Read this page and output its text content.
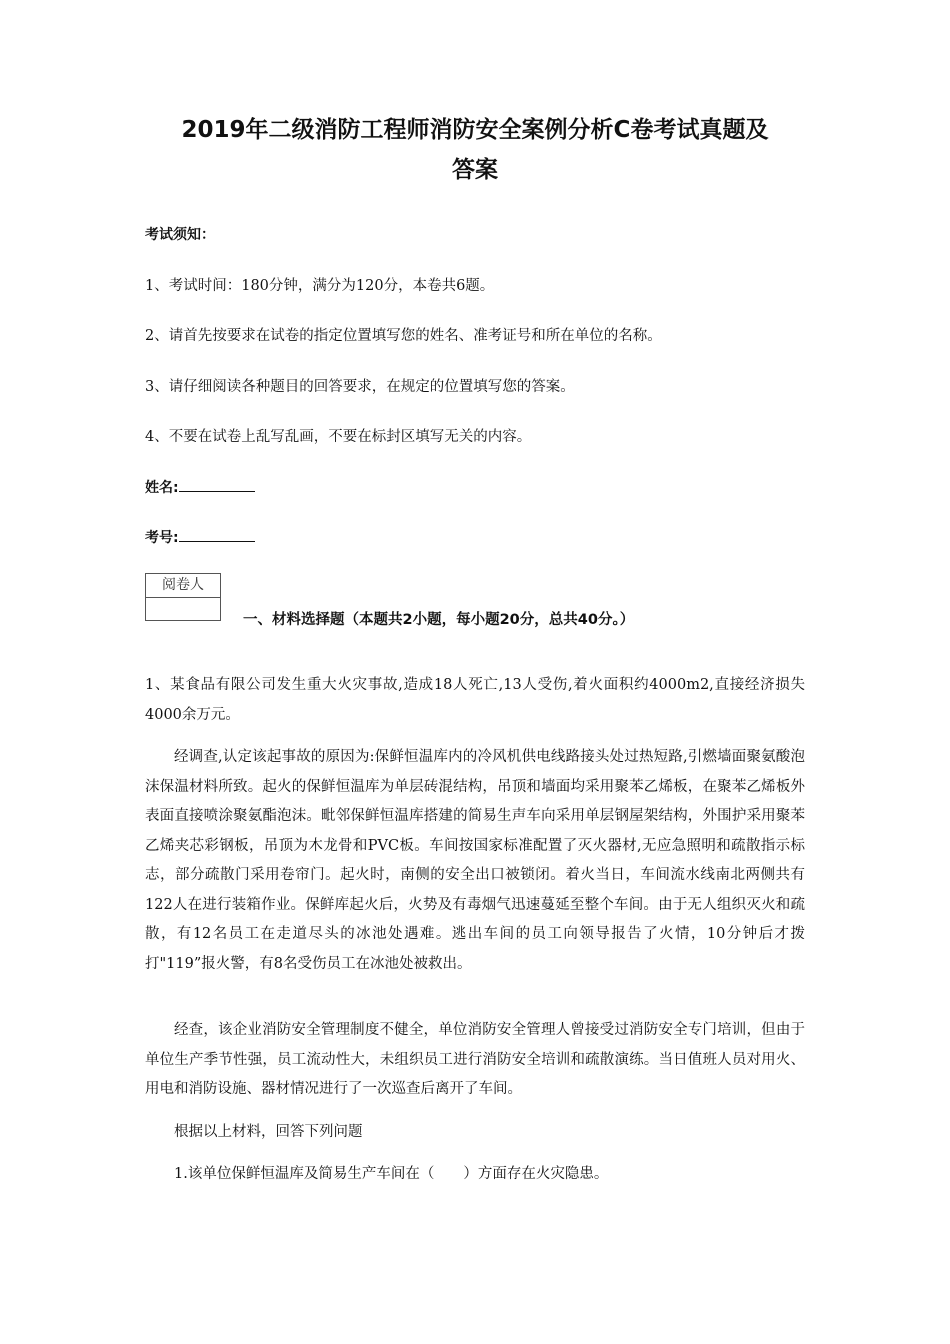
2019年二级消防工程师消防安全案例分析C卷考试真题及
答案
考试须知：
1、考试时间：180分钟，满分为120分，本卷共6题。
2、请首先按要求在试卷的指定位置填写您的姓名、准考证号和所在单位的名称。
3、请仔细阅读各种题目的回答要求，在规定的位置填写您的答案。
4、不要在试卷上乱写乱画，不要在标封区填写无关的内容。
姓名:
考号:
阅卷人
一、材料选择题（本题共2小题，每小题20分，总共40分。）
1、某食品有限公司发生重大火灾事故,造成18人死亡,13人受伤,着火面积约4000m2,直接经济损失4000余万元。
经调查,认定该起事故的原因为:保鲜恒温库内的冷风机供电线路接头处过热短路,引燃墙面聚氨酸泡沫保温材料所致。起火的保鲜恒温库为单层砖混结构，吊顶和墙面均采用聚苯乙烯板，在聚苯乙烯板外表面直接喷涂聚氨酯泡沫。毗邻保鲜恒温库搭建的简易生声车向采用单层钢屋架结构，外围护采用聚苯乙烯夹芯彩钢板，吊顶为木龙骨和PVC板。车间按国家标准配置了灭火器材,无应急照明和疏散指示标志，部分疏散门采用卷帘门。起火时，南侧的安全出口被锁闭。着火当日，车间流水线南北两侧共有122人在进行装箱作业。保鲜库起火后，火势及有毒烟气迅速蔓延至整个车间。由于无人组织灭火和疏散，有12名员工在走道尽头的冰池处遇难。逃出车间的员工向领导报告了火情，10分钟后才拨打"119”报火警，有8名受伤员工在冰池处被救出。
经查，该企业消防安全管理制度不健全，单位消防安全管理人曾接受过消防安全专门培训，但由于单位生产季节性强，员工流动性大，未组织员工进行消防安全培训和疏散演练。当日值班人员对用火、用电和消防设施、器材情况进行了一次巡查后离开了车间。
根据以上材料，回答下列问题
1.该单位保鲜恒温库及简易生产车间在（　　）方面存在火灾隐患。
